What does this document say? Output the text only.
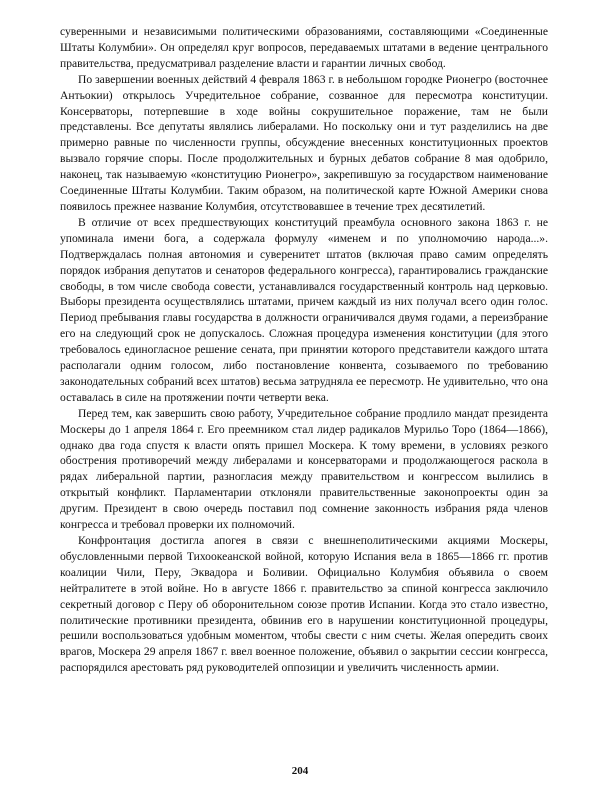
суверенными и независимыми политическими образованиями, составляющими «Соединенные Штаты Колумбии». Он определял круг вопросов, передаваемых штатами в ведение центрального правительства, предусматривал разделение власти и гарантии личных свобод.

По завершении военных действий 4 февраля 1863 г. в небольшом городке Рионегро (восточнее Антьокии) открылось Учредительное собрание, созванное для пересмотра конституции. Консерваторы, потерпевшие в ходе войны сокрушительное поражение, там не были представлены. Все депутаты являлись либералами. Но поскольку они и тут разделились на две примерно равные по численности группы, обсуждение внесенных конституционных проектов вызвало горячие споры. После продолжительных и бурных дебатов собрание 8 мая одобрило, наконец, так называемую «конституцию Рионегро», закрепившую за государством наименование Соединенные Штаты Колумбии. Таким образом, на политической карте Южной Америки снова появилось прежнее название Колумбия, отсутствовавшее в течение трех десятилетий.

В отличие от всех предшествующих конституций преамбула основного закона 1863 г. не упоминала имени бога, а содержала формулу «именем и по уполномочию народа...». Подтверждалась полная автономия и суверенитет штатов (включая право самим определять порядок избрания депутатов и сенаторов федерального конгресса), гарантировались гражданские свободы, в том числе свобода совести, устанавливался государственный контроль над церковью. Выборы президента осуществлялись штатами, причем каждый из них получал всего один голос. Период пребывания главы государства в должности ограничивался двумя годами, а переизбрание его на следующий срок не допускалось. Сложная процедура изменения конституции (для этого требовалось единогласное решение сената, при принятии которого представители каждого штата располагали одним голосом, либо постановление конвента, созываемого по требованию законодательных собраний всех штатов) весьма затрудняла ее пересмотр. Не удивительно, что она оставалась в силе на протяжении почти четверти века.

Перед тем, как завершить свою работу, Учредительное собрание продлило мандат президента Москеры до 1 апреля 1864 г. Его преемником стал лидер радикалов Мурильо Торо (1864—1866), однако два года спустя к власти опять пришел Москера. К тому времени, в условиях резкого обострения противоречий между либералами и консерваторами и продолжающегося раскола в рядах либеральной партии, разногласия между правительством и конгрессом вылились в открытый конфликт. Парламентарии отклоняли правительственные законопроекты один за другим. Президент в свою очередь поставил под сомнение законность избрания ряда членов конгресса и требовал проверки их полномочий.

Конфронтация достигла апогея в связи с внешнеполитическими акциями Москеры, обусловленными первой Тихоокеанской войной, которую Испания вела в 1865—1866 гг. против коалиции Чили, Перу, Эквадора и Боливии. Официально Колумбия объявила о своем нейтралитете в этой войне. Но в августе 1866 г. правительство за спиной конгресса заключило секретный договор с Перу об оборонительном союзе против Испании. Когда это стало известно, политические противники президента, обвинив его в нарушении конституционной процедуры, решили воспользоваться удобным моментом, чтобы свести с ним счеты. Желая опередить своих врагов, Москера 29 апреля 1867 г. ввел военное положение, объявил о закрытии сессии конгресса, распорядился арестовать ряд руководителей оппозиции и увеличить численность армии.

204
